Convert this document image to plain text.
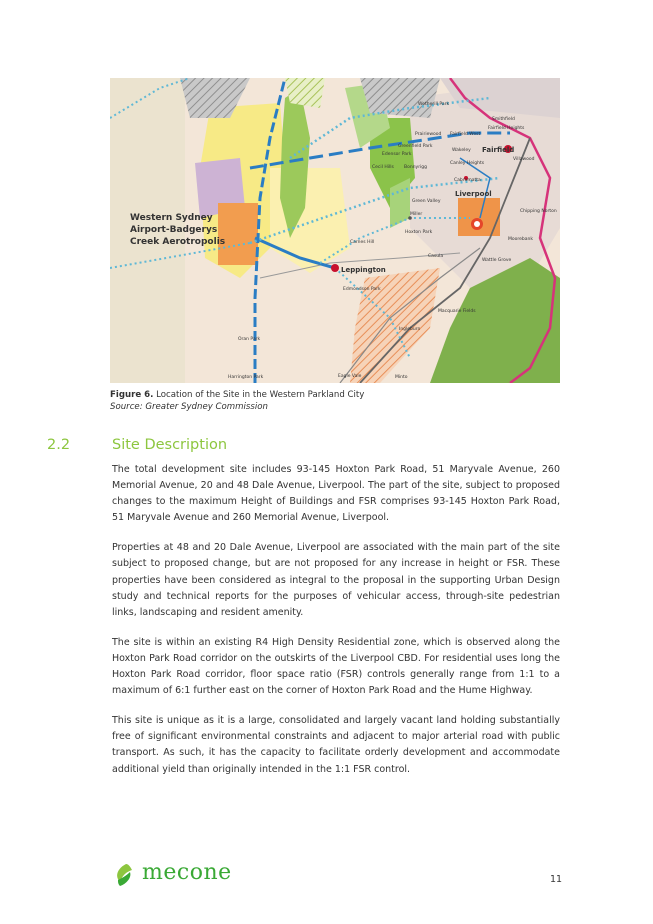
Western Sydney
Airport-Badgerys
Creek Aerotropolis
Liverpool
Leppington
Fairfield
Wetherill Park
Smithfield
Fairfield Heights
Prairiewood Fairfield West
Greenfield Park
Edensor Park
Wakeley
Canley Heights
Villawood
Cabramatta
Cecil Hills Bonnyrigg
Green Valley
Miller
Chipping Norton
Moorebank
Casula
Carnes Hill
Hoxton Park
Wattle Grove
Edmondson Park
Macquarie Fields
Ingleburn
Oran Park
Harrington Park	Eagle Vale	Minto
Figure 6. Location of the Site in the Western Parkland City
Source: Greater Sydney Commission
2.2	Site Description

The total development site includes 93-145 Hoxton Park Road, 51 Maryvale Avenue, 260 Memorial Avenue, 20 and 48 Dale Avenue, Liverpool. The part of the site, subject to proposed changes to the maximum Height of Buildings and FSR comprises 93-145 Hoxton Park Road, 51 Maryvale Avenue and 260 Memorial Avenue, Liverpool.

Properties at 48 and 20 Dale Avenue, Liverpool are associated with the main part of the site subject to proposed change, but are not proposed for any increase in height or FSR. These properties have been considered as integral to the proposal in the supporting Urban Design study and technical reports for the purposes of vehicular access, through-site pedestrian links, landscaping and resident amenity.

The site is within an existing R4 High Density Residential zone, which is observed along the Hoxton Park Road corridor on the outskirts of the Liverpool CBD. For residential uses long the Hoxton Park Road corridor, floor space ratio (FSR) controls generally range from 1:1 to a maximum of 6:1 further east on the corner of Hoxton Park Road and the Hume Highway.

This site is unique as it is a large, consolidated and largely vacant land holding substantially free of significant environmental constraints and adjacent to major arterial road with public transport. As such, it has the capacity to facilitate orderly development and accommodate additional yield than originally intended in the 1:1 FSR control.

mecone	11
